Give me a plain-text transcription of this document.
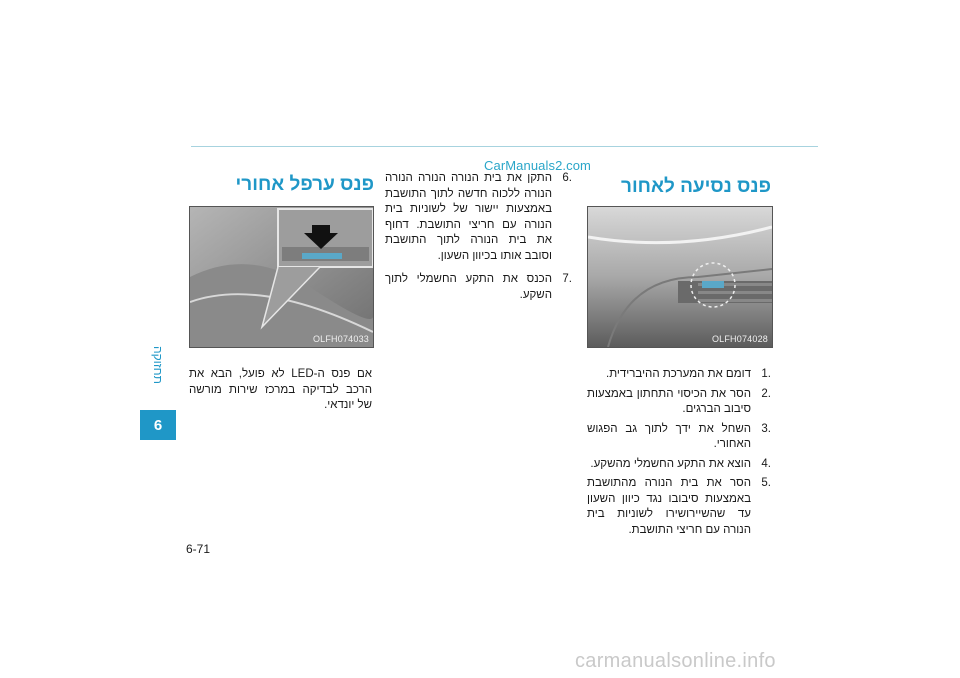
CarManuals2.com
פנס ערפל אחורי
OLFH074033

אם פנס ה-LED לא פועל, הבא את הרכב לבדיקה במרכז שירות מורשה של יונדאי.

6.
התקן את בית הנורה הנורה הנורה הנורה ללכוה חדשה לתוך התושבת באמצעות יישור של לשוניות בית הנורה עם חריצי התושבת. דחוף את בית הנורה לתוך התושבת וסובב אותו בכיוון השעון.
7.
הכנס את התקע החשמלי לתוך השקע.
פנס נסיעה לאחור
OLFH074028
1.
דומם את המערכת ההיברידית.
2.
הסר את הכיסוי התחתון באמצעות סיבוב הברגים.
3.
השחל את ידך לתוך גב הפגוש האחורי.
4.
הוצא את התקע החשמלי מהשקע.
5.
הסר את בית הנורה מהתושבת באמצעות סיבובו נגד כיוון השעון עד שהשיירושירו לשוניות בית הנורה עם חריצי התושבת.
תחזוקה
6
6-71
carmanualsonline.info
